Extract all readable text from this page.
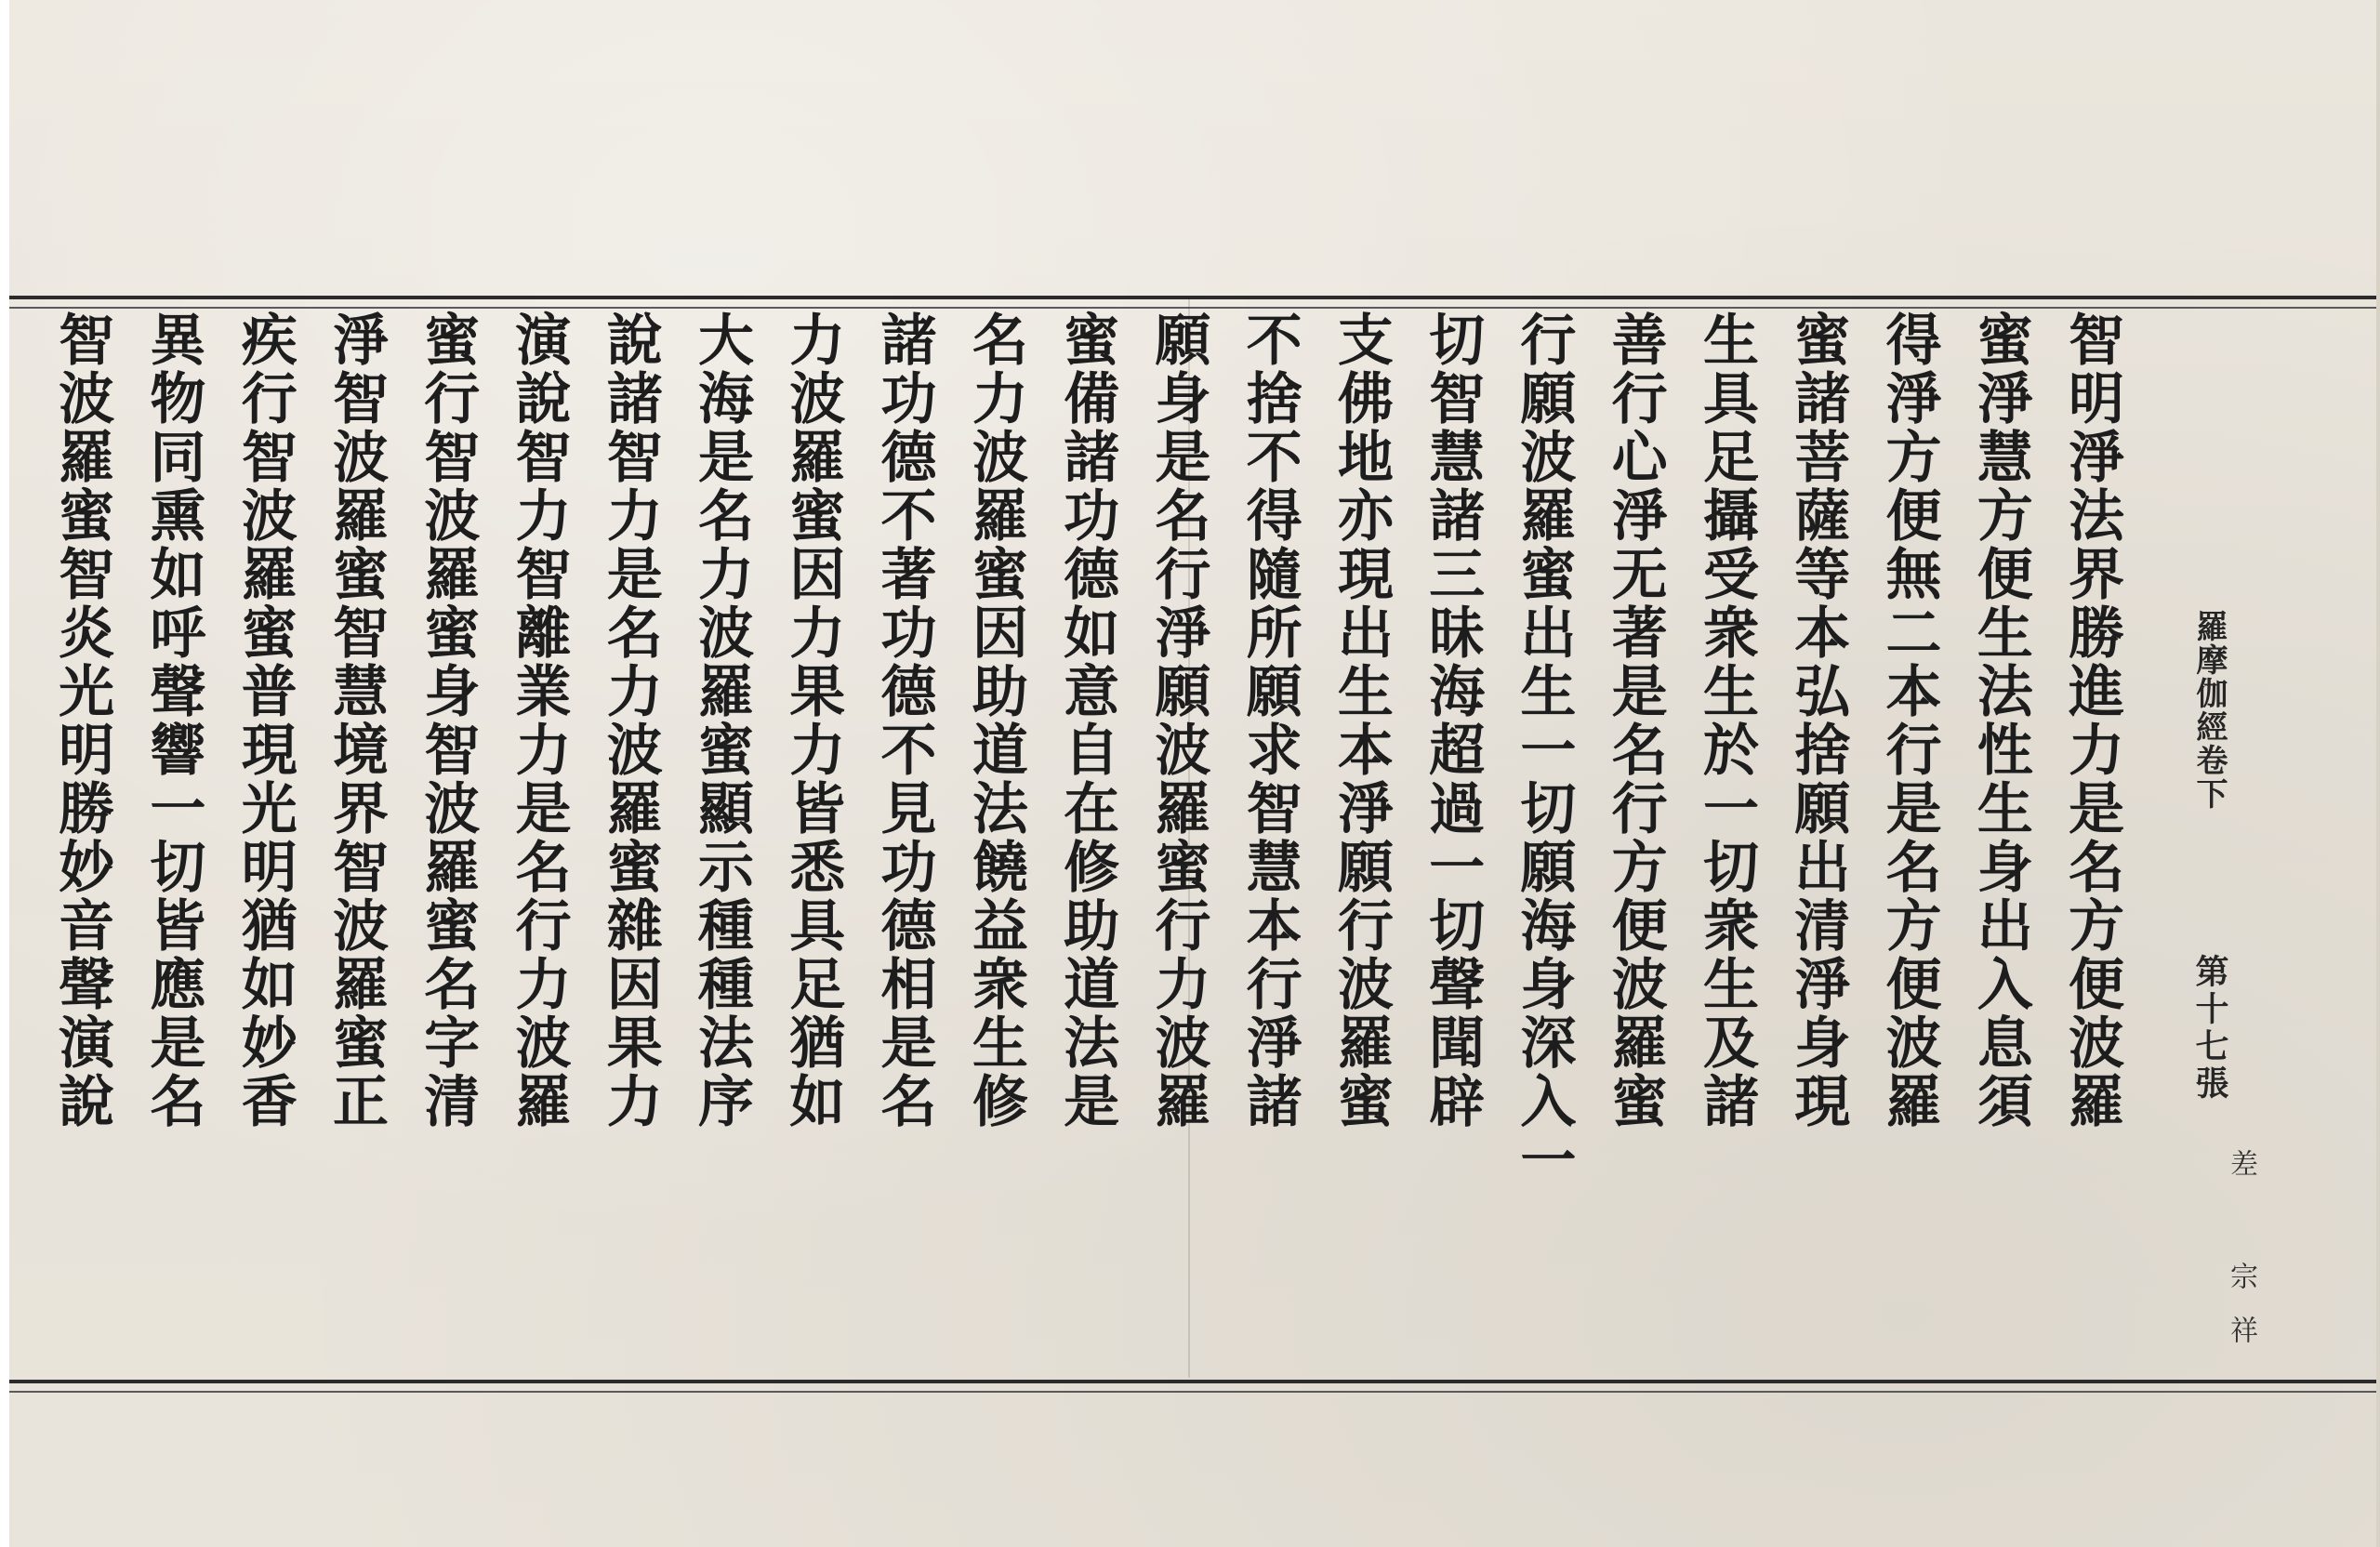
羅摩伽經卷下
第十七張
差 宗祥
智明淨法界勝進力是名方便波羅
蜜淨慧方便生法性生身出入息須
得淨方便無二本行是名方便波羅
蜜諸菩薩等本弘捨願出清淨身現
生具足攝受衆生於一切衆生及諸
善行心淨无著是名行方便波羅蜜
行願波羅蜜出生一切願海身深入一
切智慧諸三昧海超過一切聲聞辟
支佛地亦現出生本淨願行波羅蜜
不捨不得隨所願求智慧本行淨諸
願身是名行淨願波羅蜜行力波羅
蜜備諸功德如意自在修助道法是
名力波羅蜜因助道法饒益衆生修
諸功德不著功德不見功德相是名
力波羅蜜因力果力皆悉具足猶如
大海是名力波羅蜜顯示種種法序
說諸智力是名力波羅蜜雜因果力
演說智力智離業力是名行力波羅
蜜行智波羅蜜身智波羅蜜名字清
淨智波羅蜜智慧境界智波羅蜜正
疾行智波羅蜜普現光明猶如妙香
異物同熏如呼聲響一切皆應是名
智波羅蜜智炎光明勝妙音聲演說
